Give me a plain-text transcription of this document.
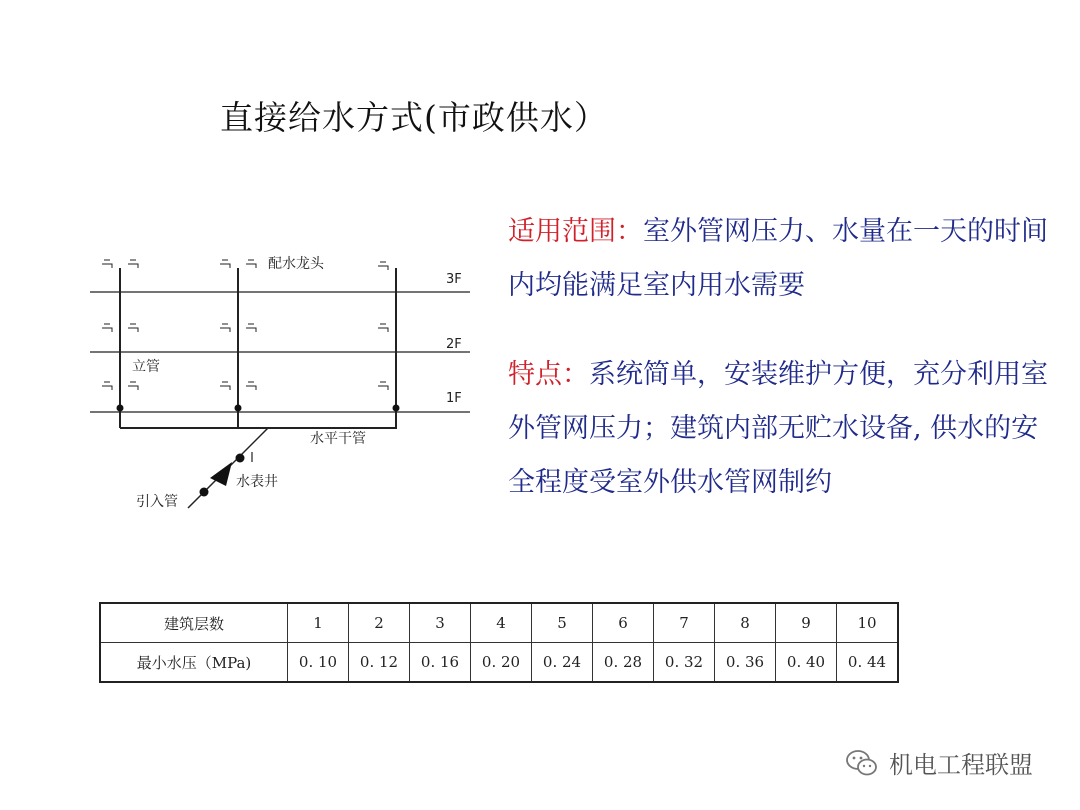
直接给水方式(市政供水）
配水龙头
3F
2F
1F
立管
水平干管
水表井
引入管
适用范围：室外管网压力、水量在一天的时间内均能满足室内用水需要
特点：系统简单，安装维护方便，充分利用室外管网压力；建筑内部无贮水设备, 供水的安全程度受室外供水管网制约
建筑层数	1	2	3	4	5	6	7	8	9	10
最小水压（MPa)	0. 10	0. 12	0. 16	0. 20	0. 24	0. 28	0. 32	0. 36	0. 40	0. 44
机电工程联盟
